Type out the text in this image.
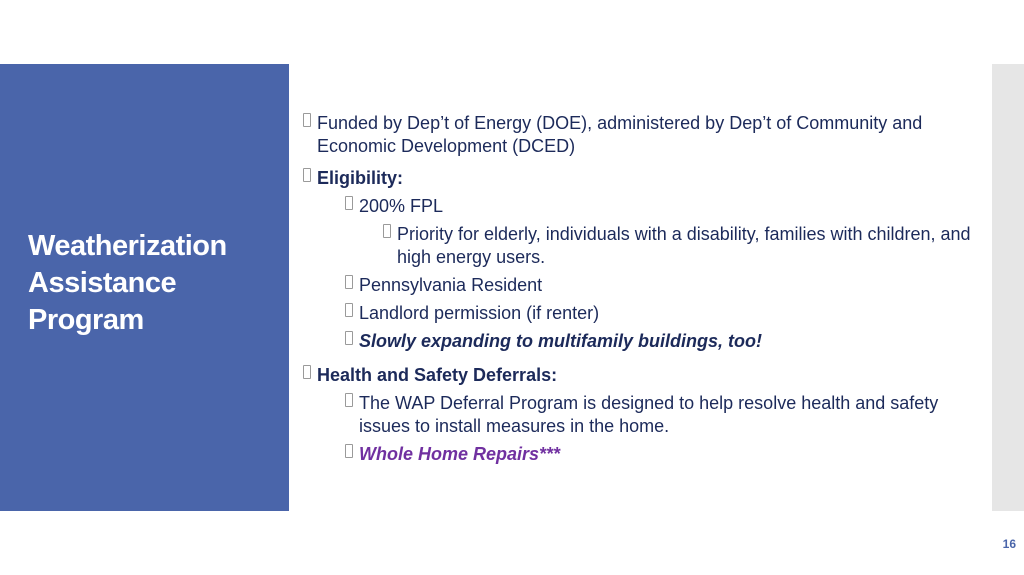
Weatherization
Assistance
Program
Funded by Dep’t of Energy (DOE), administered by Dep’t of Community and Economic Development (DCED)
Eligibility:
200% FPL
Priority for elderly, individuals with a disability, families with children, and high energy users.
Pennsylvania Resident
Landlord permission (if renter)
Slowly expanding to multifamily buildings, too!
Health and Safety Deferrals:
The WAP Deferral Program is designed to help resolve health and safety issues to install measures in the home.
Whole Home Repairs***
16
